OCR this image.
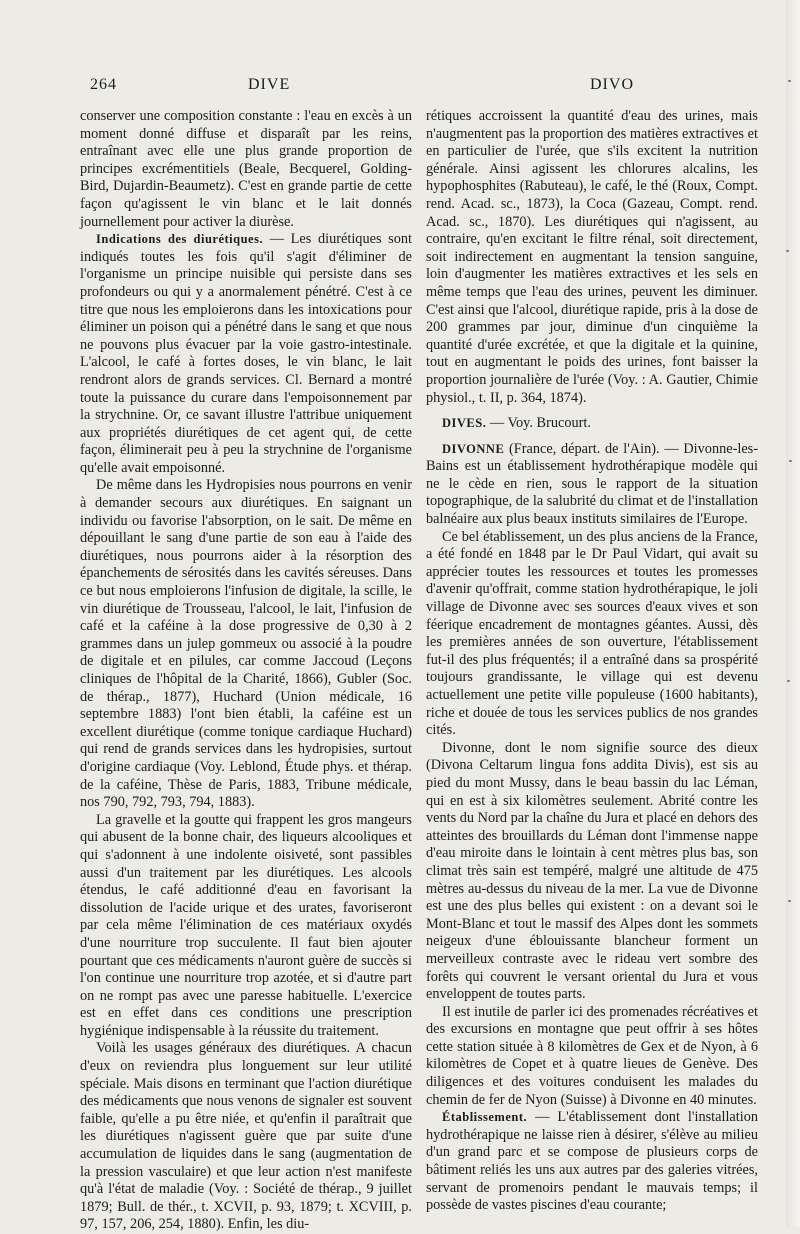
264	DIVE	DIVO

conserver une composition constante : l'eau en excès à un moment donné diffuse et disparaît par les reins, entraînant avec elle une plus grande proportion de principes excrémentitiels (Beale, Becquerel, Golding-Bird, Dujardin-Beaumetz). C'est en grande partie de cette façon qu'agissent le vin blanc et le lait donnés journellement pour activer la diurèse.

Indications des diurétiques. — Les diurétiques sont indiqués toutes les fois qu'il s'agit d'éliminer de l'organisme un principe nuisible qui persiste dans ses profondeurs ou qui y a anormalement pénétré. C'est à ce titre que nous les emploierons dans les intoxications pour éliminer un poison qui a pénétré dans le sang et que nous ne pouvons plus évacuer par la voie gastro-intestinale. L'alcool, le café à fortes doses, le vin blanc, le lait rendront alors de grands services. Cl. Bernard a montré toute la puissance du curare dans l'empoisonnement par la strychnine. Or, ce savant illustre l'attribue uniquement aux propriétés diurétiques de cet agent qui, de cette façon, éliminerait peu à peu la strychnine de l'organisme qu'elle avait empoisonné.

De même dans les Hydropisies nous pourrons en venir à demander secours aux diurétiques. En saignant un individu ou favorise l'absorption, on le sait. De même en dépouillant le sang d'une partie de son eau à l'aide des diurétiques, nous pourrons aider à la résorption des épanchements de sérosités dans les cavités séreuses. Dans ce but nous emploierons l'infusion de digitale, la scille, le vin diurétique de Trousseau, l'alcool, le lait, l'infusion de café et la caféine à la dose progressive de 0,30 à 2 grammes dans un julep gommeux ou associé à la poudre de digitale et en pilules, car comme Jaccoud (Leçons cliniques de l'hôpital de la Charité, 1866), Gubler (Soc. de thérap., 1877), Huchard (Union médicale, 16 septembre 1883) l'ont bien établi, la caféine est un excellent diurétique (comme tonique cardiaque Huchard) qui rend de grands services dans les hydropisies, surtout d'origine cardiaque (Voy. Leblond, Étude phys. et thérap. de la caféine, Thèse de Paris, 1883, Tribune médicale, nos 790, 792, 793, 794, 1883).

La gravelle et la goutte qui frappent les gros mangeurs qui abusent de la bonne chair, des liqueurs alcooliques et qui s'adonnent à une indolente oisiveté, sont passibles aussi d'un traitement par les diurétiques. Les alcools étendus, le café additionné d'eau en favorisant la dissolution de l'acide urique et des urates, favoriseront par cela même l'élimination de ces matériaux oxydés d'une nourriture trop succulente. Il faut bien ajouter pourtant que ces médicaments n'auront guère de succès si l'on continue une nourriture trop azotée, et si d'autre part on ne rompt pas avec une paresse habituelle. L'exercice est en effet dans ces conditions une prescription hygiénique indispensable à la réussite du traitement.

Voilà les usages généraux des diurétiques. A chacun d'eux on reviendra plus longuement sur leur utilité spéciale. Mais disons en terminant que l'action diurétique des médicaments que nous venons de signaler est souvent faible, qu'elle a pu être niée, et qu'enfin il paraîtrait que les diurétiques n'agissent guère que par suite d'une accumulation de liquides dans le sang (augmentation de la pression vasculaire) et que leur action n'est manifeste qu'à l'état de maladie (Voy. : Société de thérap., 9 juillet 1879; Bull. de thér., t. XCVII, p. 93, 1879; t. XCVIII, p. 97, 157, 206, 254, 1880). Enfin, les diu-

rétiques accroissent la quantité d'eau des urines, mais n'augmentent pas la proportion des matières extractives et en particulier de l'urée, que s'ils excitent la nutrition générale. Ainsi agissent les chlorures alcalins, les hypophosphites (Rabuteau), le café, le thé (Roux, Compt. rend. Acad. sc., 1873), la Coca (Gazeau, Compt. rend. Acad. sc., 1870). Les diurétiques qui n'agissent, au contraire, qu'en excitant le filtre rénal, soit directement, soit indirectement en augmentant la tension sanguine, loin d'augmenter les matières extractives et les sels en même temps que l'eau des urines, peuvent les diminuer. C'est ainsi que l'alcool, diurétique rapide, pris à la dose de 200 grammes par jour, diminue d'un cinquième la quantité d'urée excrétée, et que la digitale et la quinine, tout en augmentant le poids des urines, font baisser la proportion journalière de l'urée (Voy. : A. Gautier, Chimie physiol., t. II, p. 364, 1874).

DIVES. — Voy. Brucourt.

DIVONNE (France, départ. de l'Ain). — Divonne-les-Bains est un établissement hydrothérapique modèle qui ne le cède en rien, sous le rapport de la situation topographique, de la salubrité du climat et de l'installation balnéaire aux plus beaux instituts similaires de l'Europe.

Ce bel établissement, un des plus anciens de la France, a été fondé en 1848 par le Dr Paul Vidart, qui avait su apprécier toutes les ressources et toutes les promesses d'avenir qu'offrait, comme station hydrothérapique, le joli village de Divonne avec ses sources d'eaux vives et son féerique encadrement de montagnes géantes. Aussi, dès les premières années de son ouverture, l'établissement fut-il des plus fréquentés; il a entraîné dans sa prospérité toujours grandissante, le village qui est devenu actuellement une petite ville populeuse (1600 habitants), riche et douée de tous les services publics de nos grandes cités.

Divonne, dont le nom signifie source des dieux (Divona Celtarum lingua fons addita Divis), est sis au pied du mont Mussy, dans le beau bassin du lac Léman, qui en est à six kilomètres seulement. Abrité contre les vents du Nord par la chaîne du Jura et placé en dehors des atteintes des brouillards du Léman dont l'immense nappe d'eau miroite dans le lointain à cent mètres plus bas, son climat très sain est tempéré, malgré une altitude de 475 mètres au-dessus du niveau de la mer. La vue de Divonne est une des plus belles qui existent : on a devant soi le Mont-Blanc et tout le massif des Alpes dont les sommets neigeux d'une éblouissante blancheur forment un merveilleux contraste avec le rideau vert sombre des forêts qui couvrent le versant oriental du Jura et vous enveloppent de toutes parts.

Il est inutile de parler ici des promenades récréatives et des excursions en montagne que peut offrir à ses hôtes cette station située à 8 kilomètres de Gex et de Nyon, à 6 kilomètres de Copet et à quatre lieues de Genève. Des diligences et des voitures conduisent les malades du chemin de fer de Nyon (Suisse) à Divonne en 40 minutes.

Établissement. — L'établissement dont l'installation hydrothérapique ne laisse rien à désirer, s'élève au milieu d'un grand parc et se compose de plusieurs corps de bâtiment reliés les uns aux autres par des galeries vitrées, servant de promenoirs pendant le mauvais temps; il possède de vastes piscines d'eau courante;
